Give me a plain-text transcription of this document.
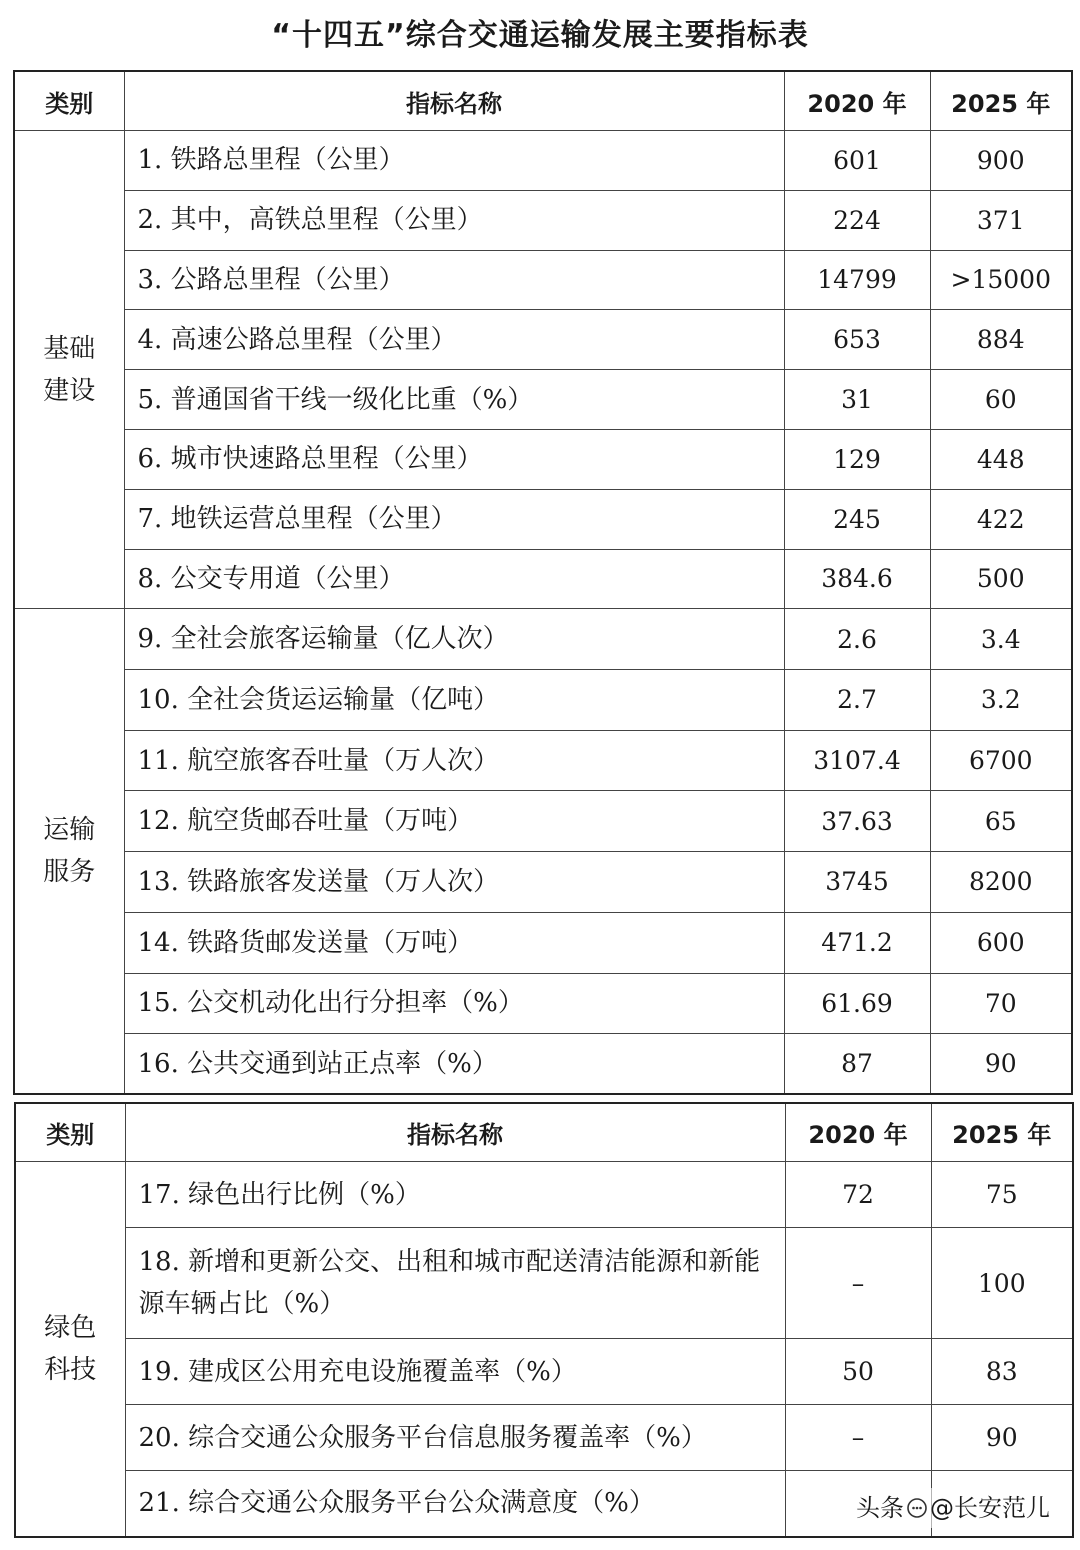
“十四五”综合交通运输发展主要指标表
类别	指标名称	2020 年	2025 年
基础建设	1. 铁路总里程（公里）	601	900
	2. 其中，高铁总里程（公里）	224	371
	3. 公路总里程（公里）	14799	>15000
	4. 高速公路总里程（公里）	653	884
	5. 普通国省干线一级化比重（%）	31	60
	6. 城市快速路总里程（公里）	129	448
	7. 地铁运营总里程（公里）	245	422
	8. 公交专用道（公里）	384.6	500
运输服务	9. 全社会旅客运输量（亿人次）	2.6	3.4
	10. 全社会货运运输量（亿吨）	2.7	3.2
	11. 航空旅客吞吐量（万人次）	3107.4	6700
	12. 航空货邮吞吐量（万吨）	37.63	65
	13. 铁路旅客发送量（万人次）	3745	8200
	14. 铁路货邮发送量（万吨）	471.2	600
	15. 公交机动化出行分担率（%）	61.69	70
	16. 公共交通到站正点率（%）	87	90
类别	指标名称	2020 年	2025 年
绿色科技	17. 绿色出行比例（%）	72	75
	18. 新增和更新公交、出租和城市配送清洁能源和新能源车辆占比（%）	–	100
	19. 建成区公用充电设施覆盖率（%）	50	83
	20. 综合交通公众服务平台信息服务覆盖率（%）	–	90
	21. 综合交通公众服务平台公众满意度（%）			头条 @长安范儿
